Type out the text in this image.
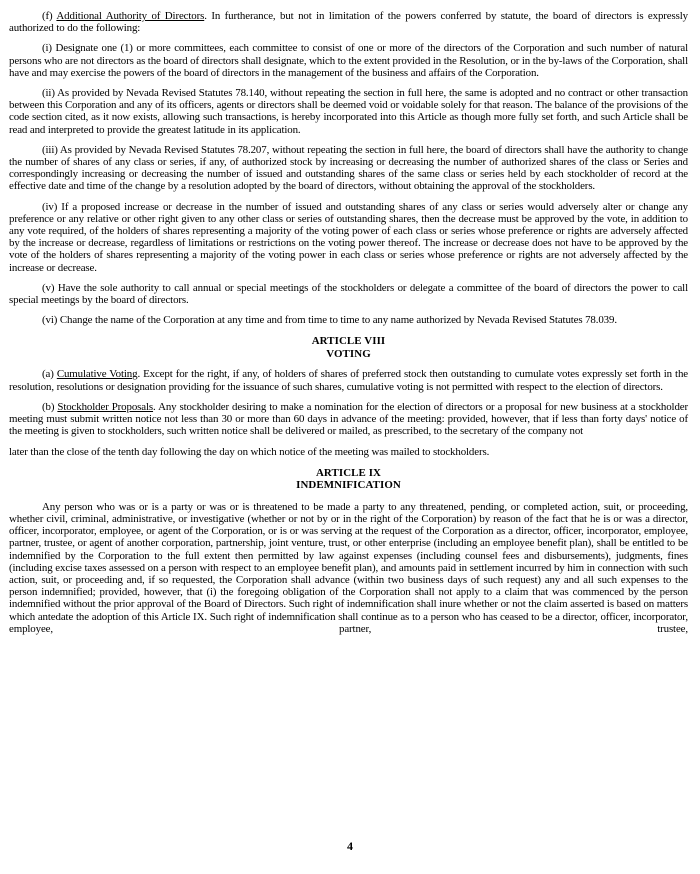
(f) Additional Authority of Directors. In furtherance, but not in limitation of the powers conferred by statute, the board of directors is expressly authorized to do the following:

(i) Designate one (1) or more committees, each committee to consist of one or more of the directors of the Corporation and such number of natural persons who are not directors as the board of directors shall designate, which to the extent provided in the Resolution, or in the by-laws of the Corporation, shall have and may exercise the powers of the board of directors in the management of the business and affairs of the Corporation.

(ii) As provided by Nevada Revised Statutes 78.140, without repeating the section in full here, the same is adopted and no contract or other transaction between this Corporation and any of its officers, agents or directors shall be deemed void or voidable solely for that reason. The balance of the provisions of the code section cited, as it now exists, allowing such transactions, is hereby incorporated into this Article as though more fully set forth, and such Article shall be read and interpreted to provide the greatest latitude in its application.

(iii) As provided by Nevada Revised Statutes 78.207, without repeating the section in full here, the board of directors shall have the authority to change the number of shares of any class or series, if any, of authorized stock by increasing or decreasing the number of authorized shares of the class or Series and correspondingly increasing or decreasing the number of issued and outstanding shares of the same class or series held by each stockholder of record at the effective date and time of the change by a resolution adopted by the board of directors, without obtaining the approval of the stockholders.

(iv) If a proposed increase or decrease in the number of issued and outstanding shares of any class or series would adversely alter or change any preference or any relative or other right given to any other class or series of outstanding shares, then the decrease must be approved by the vote, in addition to any vote required, of the holders of shares representing a majority of the voting power of each class or series whose preference or rights are adversely affected by the increase or decrease, regardless of limitations or restrictions on the voting power thereof. The increase or decrease does not have to be approved by the vote of the holders of shares representing a majority of the voting power in each class or series whose preference or rights are not adversely affected by the increase or decrease.

(v) Have the sole authority to call annual or special meetings of the stockholders or delegate a committee of the board of directors the power to call special meetings by the board of directors.

(vi) Change the name of the Corporation at any time and from time to time to any name authorized by Nevada Revised Statutes 78.039.

ARTICLE VIII
VOTING

(a) Cumulative Voting. Except for the right, if any, of holders of shares of preferred stock then outstanding to cumulate votes expressly set forth in the resolution, resolutions or designation providing for the issuance of such shares, cumulative voting is not permitted with respect to the election of directors.

(b) Stockholder Proposals. Any stockholder desiring to make a nomination for the election of directors or a proposal for new business at a stockholder meeting must submit written notice not less than 30 or more than 60 days in advance of the meeting: provided, however, that if less than forty days' notice of the meeting is given to stockholders, such written notice shall be delivered or mailed, as prescribed, to the secretary of the company not

later than the close of the tenth day following the day on which notice of the meeting was mailed to stockholders.

ARTICLE IX
INDEMNIFICATION

Any person who was or is a party or was or is threatened to be made a party to any threatened, pending, or completed action, suit, or proceeding, whether civil, criminal, administrative, or investigative (whether or not by or in the right of the Corporation) by reason of the fact that he is or was a director, officer, incorporator, employee, or agent of the Corporation, or is or was serving at the request of the Corporation as a director, officer, incorporator, employee, partner, trustee, or agent of another corporation, partnership, joint venture, trust, or other enterprise (including an employee benefit plan), shall be entitled to be indemnified by the Corporation to the full extent then permitted by law against expenses (including counsel fees and disbursements), judgments, fines (including excise taxes assessed on a person with respect to an employee benefit plan), and amounts paid in settlement incurred by him in connection with such action, suit, or proceeding and, if so requested, the Corporation shall advance (within two business days of such request) any and all such expenses to the person indemnified; provided, however, that (i) the foregoing obligation of the Corporation shall not apply to a claim that was commenced by the person indemnified without the prior approval of the Board of Directors. Such right of indemnification shall inure whether or not the claim asserted is based on matters which antedate the adoption of this Article IX. Such right of indemnification shall continue as to a person who has ceased to be a director, officer, incorporator, employee, partner, trustee,

4
